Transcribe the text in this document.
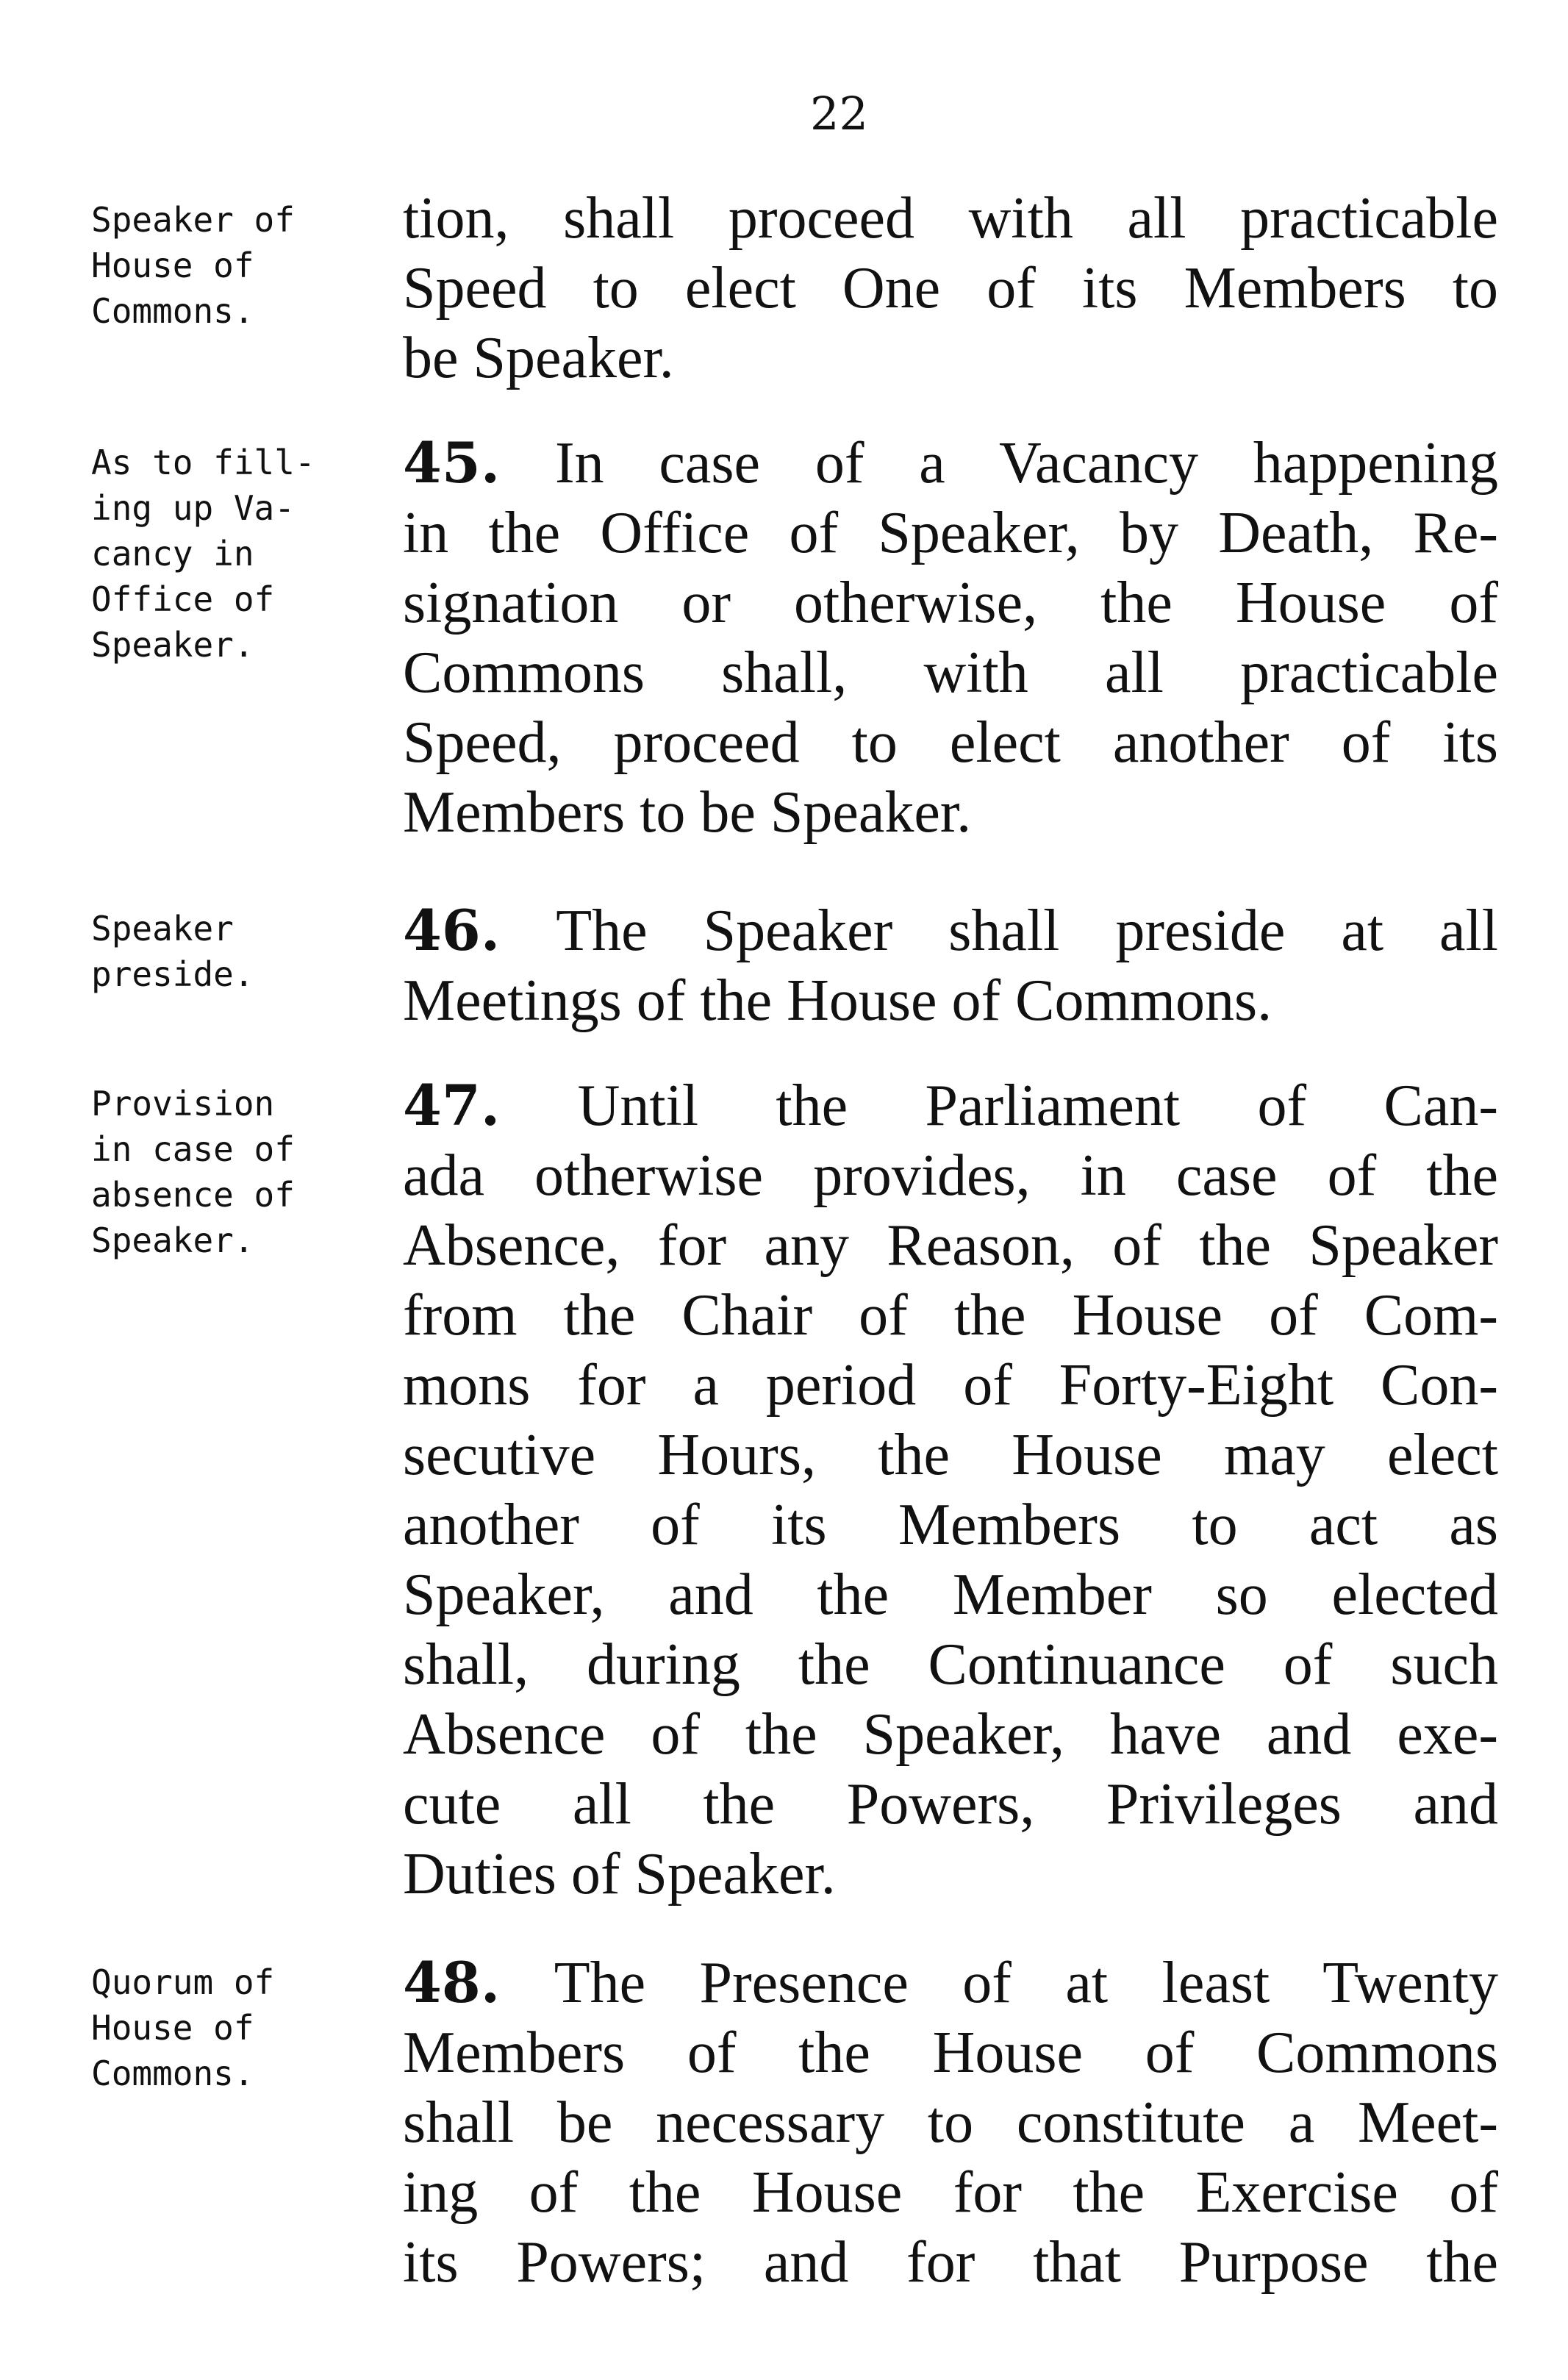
22
Speaker of
House of
Commons.
tion, shall proceed with all practicable
Speed to elect One of its Members to
be Speaker.
As to fill-
ing up Va-
cancy in
Office of
Speaker.
45. In case of a Vacancy happening
in the Office of Speaker, by Death, Re-
signation or otherwise, the House of
Commons shall, with all practicable
Speed, proceed to elect another of its
Members to be Speaker.
Speaker
preside.
46. The Speaker shall preside at all
Meetings of the House of Commons.
Provision
in case of
absence of
Speaker.
47. Until the Parliament of Can-
ada otherwise provides, in case of the
Absence, for any Reason, of the Speaker
from the Chair of the House of Com-
mons for a period of Forty-Eight Con-
secutive Hours, the House may elect
another of its Members to act as
Speaker, and the Member so elected
shall, during the Continuance of such
Absence of the Speaker, have and exe-
cute all the Powers, Privileges and
Duties of Speaker.
Quorum of
House of
Commons.
48. The Presence of at least Twenty
Members of the House of Commons
shall be necessary to constitute a Meet-
ing of the House for the Exercise of
its Powers; and for that Purpose the
